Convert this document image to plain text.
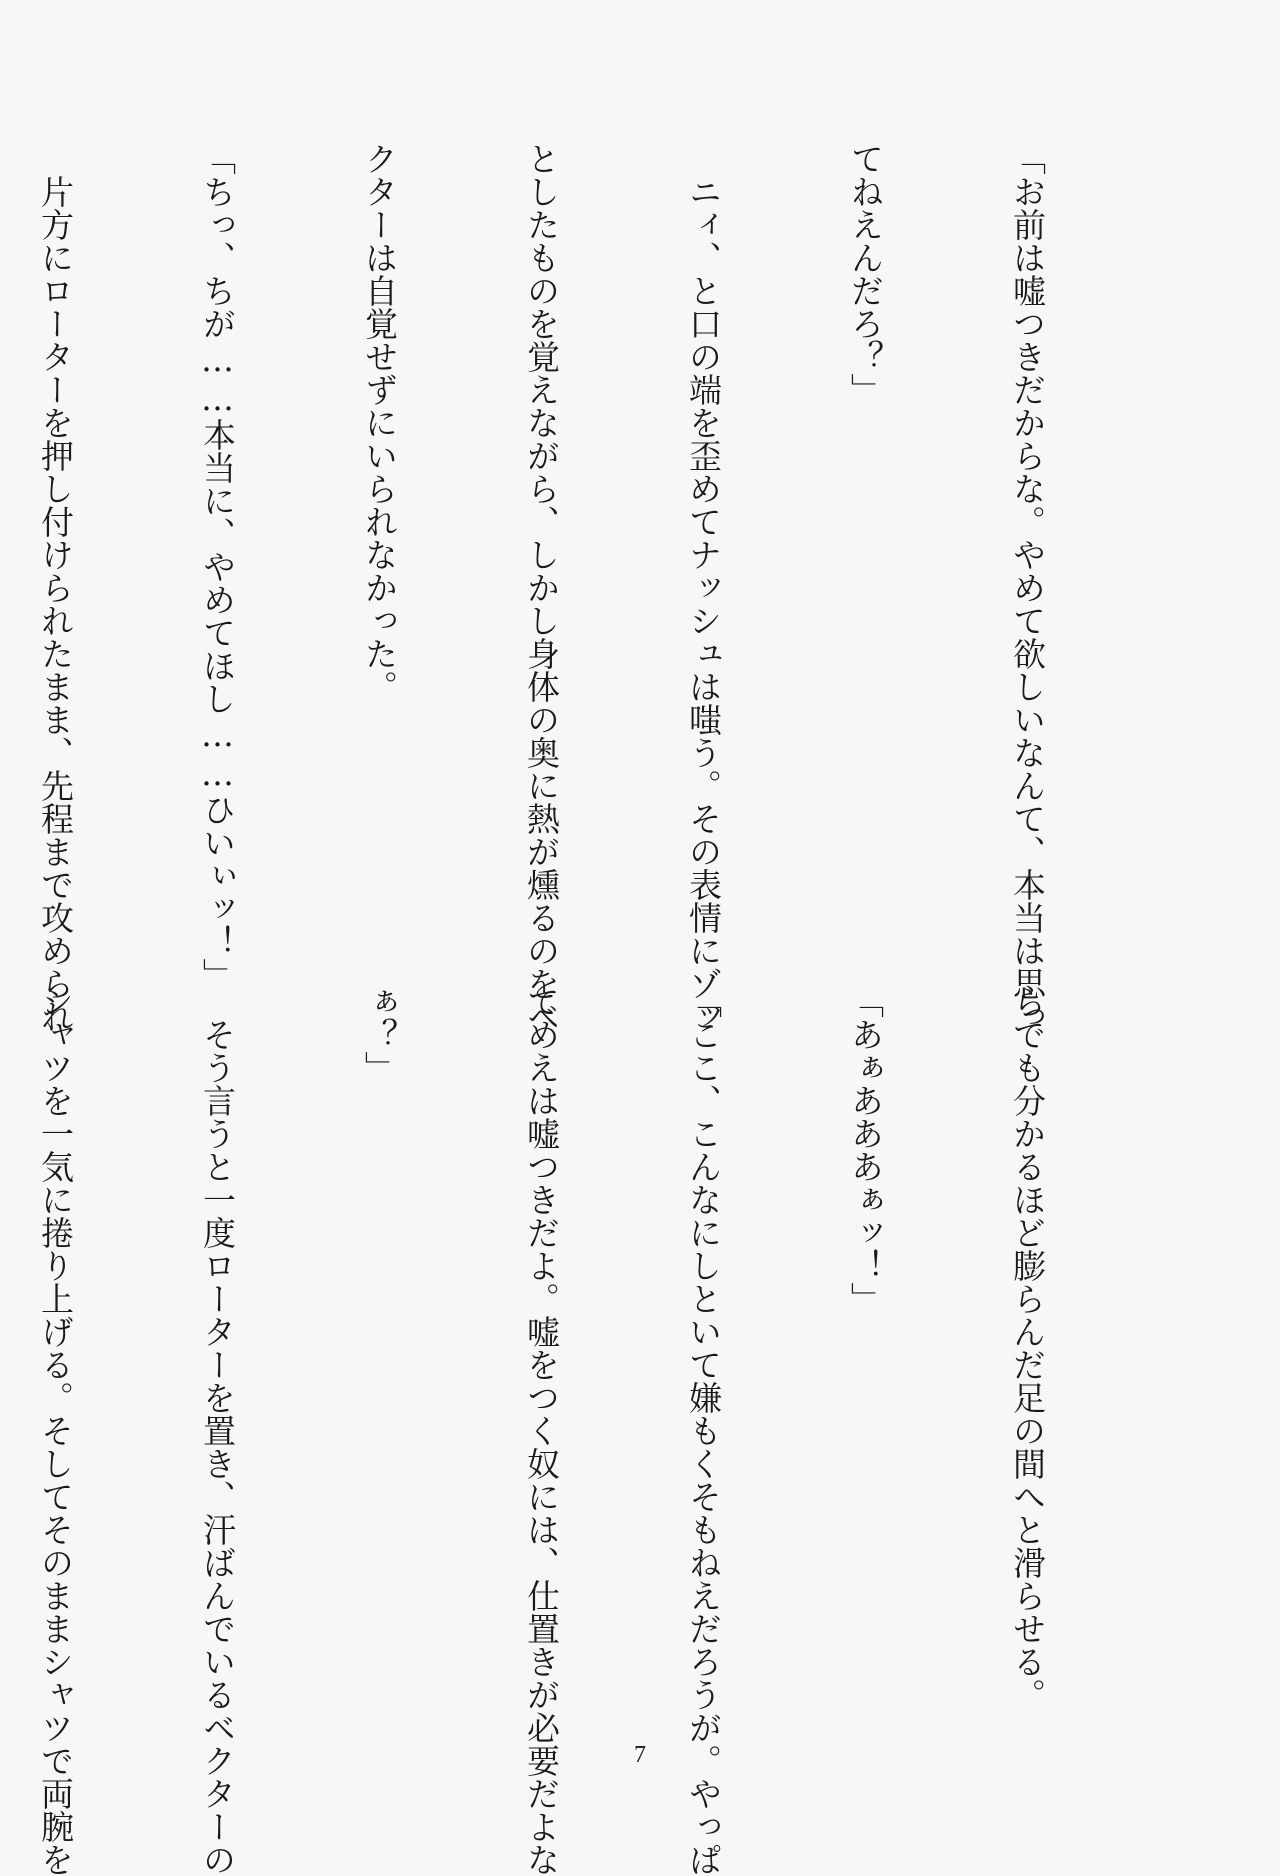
「お前は嘘つきだからな。やめて欲しいなんて、本当は思っ

てねえんだろ？」

　ニィ、と口の端を歪めてナッシュは嗤う。その表情にゾッ

としたものを覚えながら、しかし身体の奥に熱が燻るのをベ

クターは自覚せずにいられなかった。

「ちっ、ちが……本当に、やめてほし……ひいぃッ！」

　片方にローターを押し付けられたまま、先程まで攻められ

らでも分かるほど膨らんだ足の間へと滑らせる。

「あぁあああぁッ！」

「ここ、こんなにしといて嫌もくそもねえだろうが。やっぱ

てめえは嘘つきだよ。嘘をつく奴には、仕置きが必要だよな

ぁ？」

　そう言うと一度ローターを置き、汗ばんでいるベクターの

シャツを一気に捲り上げる。そしてそのままシャツで両腕を

	7
